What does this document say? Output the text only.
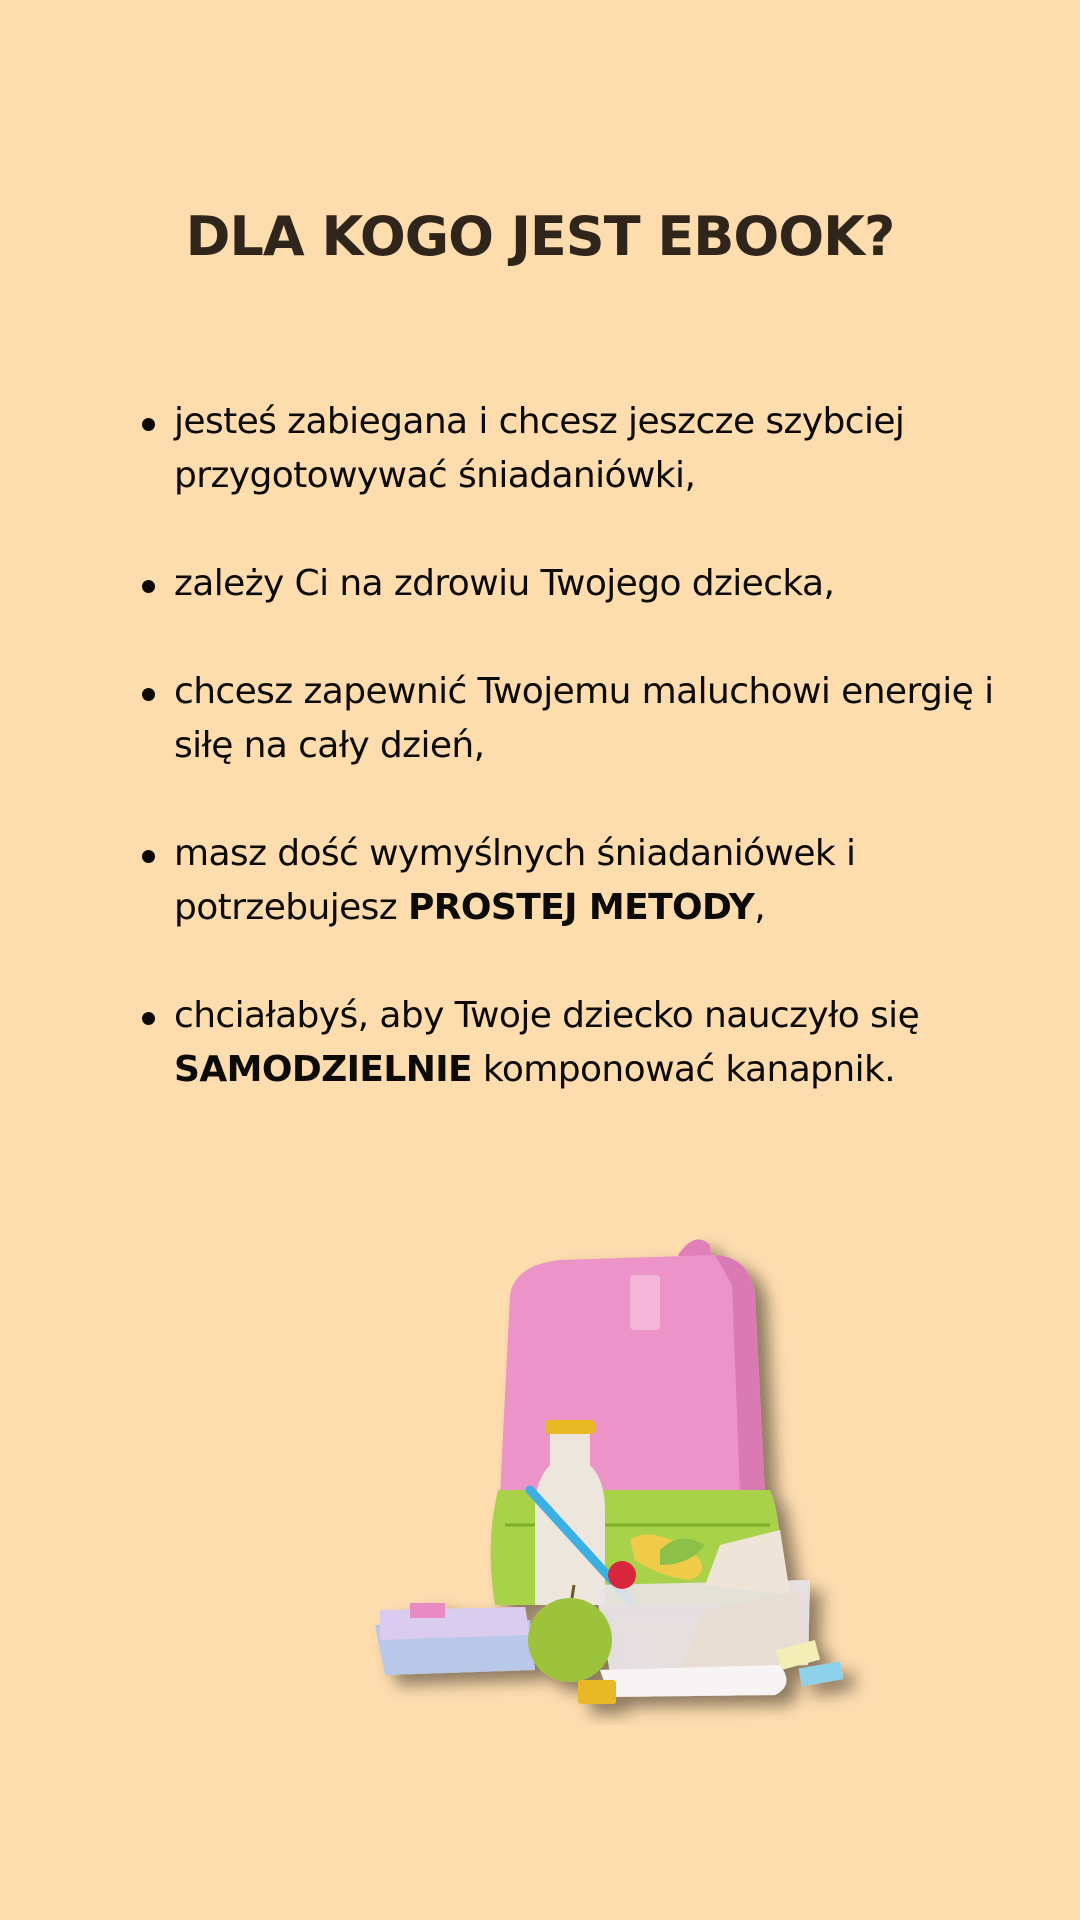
DLA KOGO JEST EBOOK?
jesteś zabiegana i chcesz jeszcze szybciej przygotowywać śniadaniówki,
zależy Ci na zdrowiu Twojego dziecka,
chcesz zapewnić Twojemu maluchowi energię i siłę na cały dzień,
masz dość wymyślnych śniadaniówek i potrzebujesz PROSTEJ METODY,
chciałabyś, aby Twoje dziecko nauczyło się SAMODZIELNIE komponować kanapnik.
